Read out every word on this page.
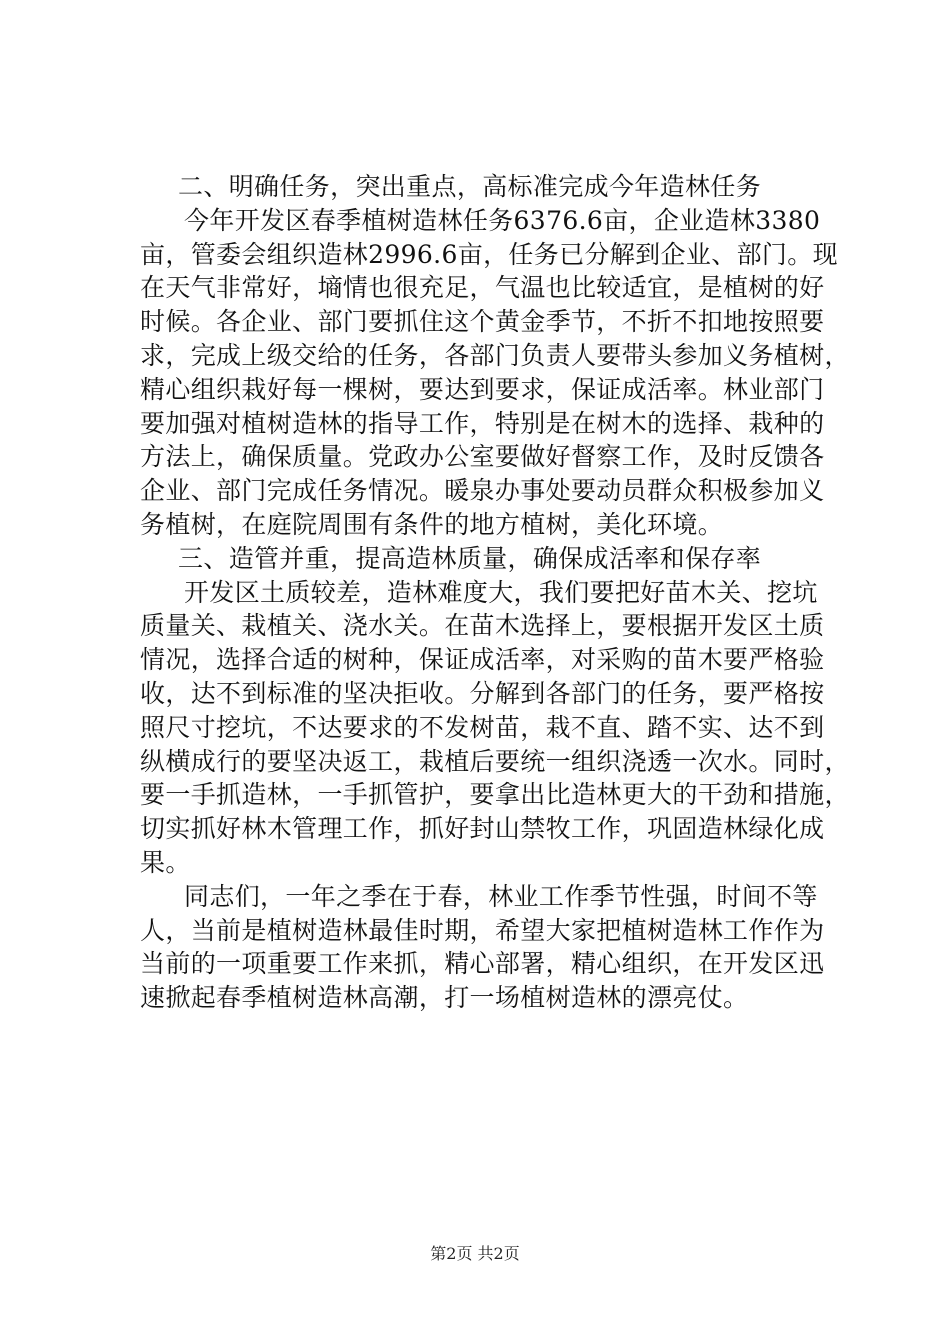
二、明确任务，突出重点，高标准完成今年造林任务
今年开发区春季植树造林任务6376.6亩，企业造林3380
亩，管委会组织造林2996.6亩，任务已分解到企业、部门。现
在天气非常好，墒情也很充足，气温也比较适宜，是植树的好
时候。各企业、部门要抓住这个黄金季节，不折不扣地按照要
求，完成上级交给的任务，各部门负责人要带头参加义务植树，
精心组织栽好每一棵树，要达到要求，保证成活率。林业部门
要加强对植树造林的指导工作，特别是在树木的选择、栽种的
方法上，确保质量。党政办公室要做好督察工作，及时反馈各
企业、部门完成任务情况。暖泉办事处要动员群众积极参加义
务植树，在庭院周围有条件的地方植树，美化环境。
三、造管并重，提高造林质量，确保成活率和保存率
开发区土质较差，造林难度大，我们要把好苗木关、挖坑
质量关、栽植关、浇水关。在苗木选择上，要根据开发区土质
情况，选择合适的树种，保证成活率，对采购的苗木要严格验
收，达不到标准的坚决拒收。分解到各部门的任务，要严格按
照尺寸挖坑，不达要求的不发树苗，栽不直、踏不实、达不到
纵横成行的要坚决返工，栽植后要统一组织浇透一次水。同时，
要一手抓造林，一手抓管护，要拿出比造林更大的干劲和措施，
切实抓好林木管理工作，抓好封山禁牧工作，巩固造林绿化成
果。
同志们，一年之季在于春，林业工作季节性强，时间不等
人，当前是植树造林最佳时期，希望大家把植树造林工作作为
当前的一项重要工作来抓，精心部署，精心组织，在开发区迅
速掀起春季植树造林高潮，打一场植树造林的漂亮仗。
第2页 共2页
